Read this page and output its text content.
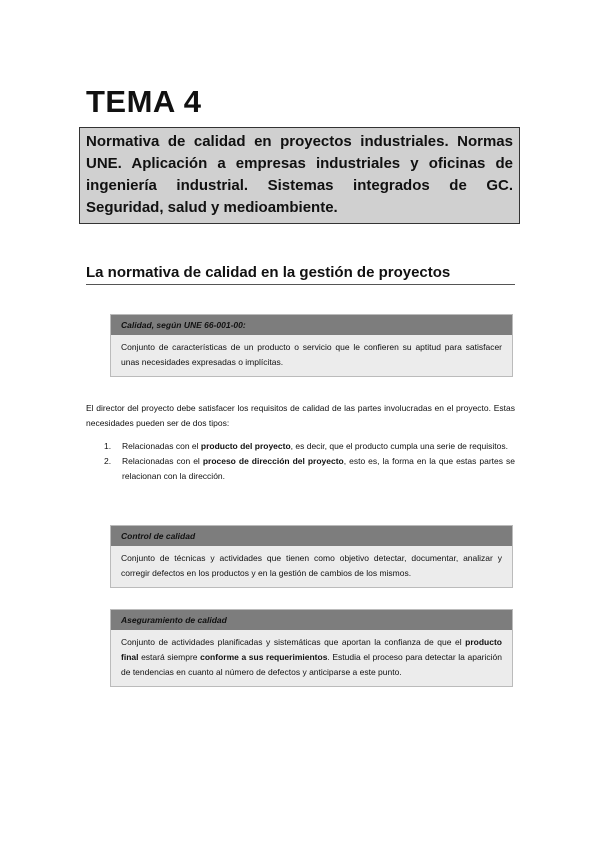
TEMA 4
Normativa de calidad en proyectos industriales. Normas UNE. Aplicación a empresas industriales y oficinas de ingeniería industrial. Sistemas integrados de GC. Seguridad, salud y medioambiente.
La normativa de calidad en la gestión de proyectos
Calidad, según UNE 66-001-00:
Conjunto de características de un producto o servicio que le confieren su aptitud para satisfacer unas necesidades expresadas o implícitas.
El director del proyecto debe satisfacer los requisitos de calidad de las partes involucradas en el proyecto. Estas necesidades pueden ser de dos tipos:
1. Relacionadas con el producto del proyecto, es decir, que el producto cumpla una serie de requisitos.
2. Relacionadas con el proceso de dirección del proyecto, esto es, la forma en la que estas partes se relacionan con la dirección.
Control de calidad
Conjunto de técnicas y actividades que tienen como objetivo detectar, documentar, analizar y corregir defectos en los productos y en la gestión de cambios de los mismos.
Aseguramiento de calidad
Conjunto de actividades planificadas y sistemáticas que aportan la confianza de que el producto final estará siempre conforme a sus requerimientos. Estudia el proceso para detectar la aparición de tendencias en cuanto al número de defectos y anticiparse a este punto.
